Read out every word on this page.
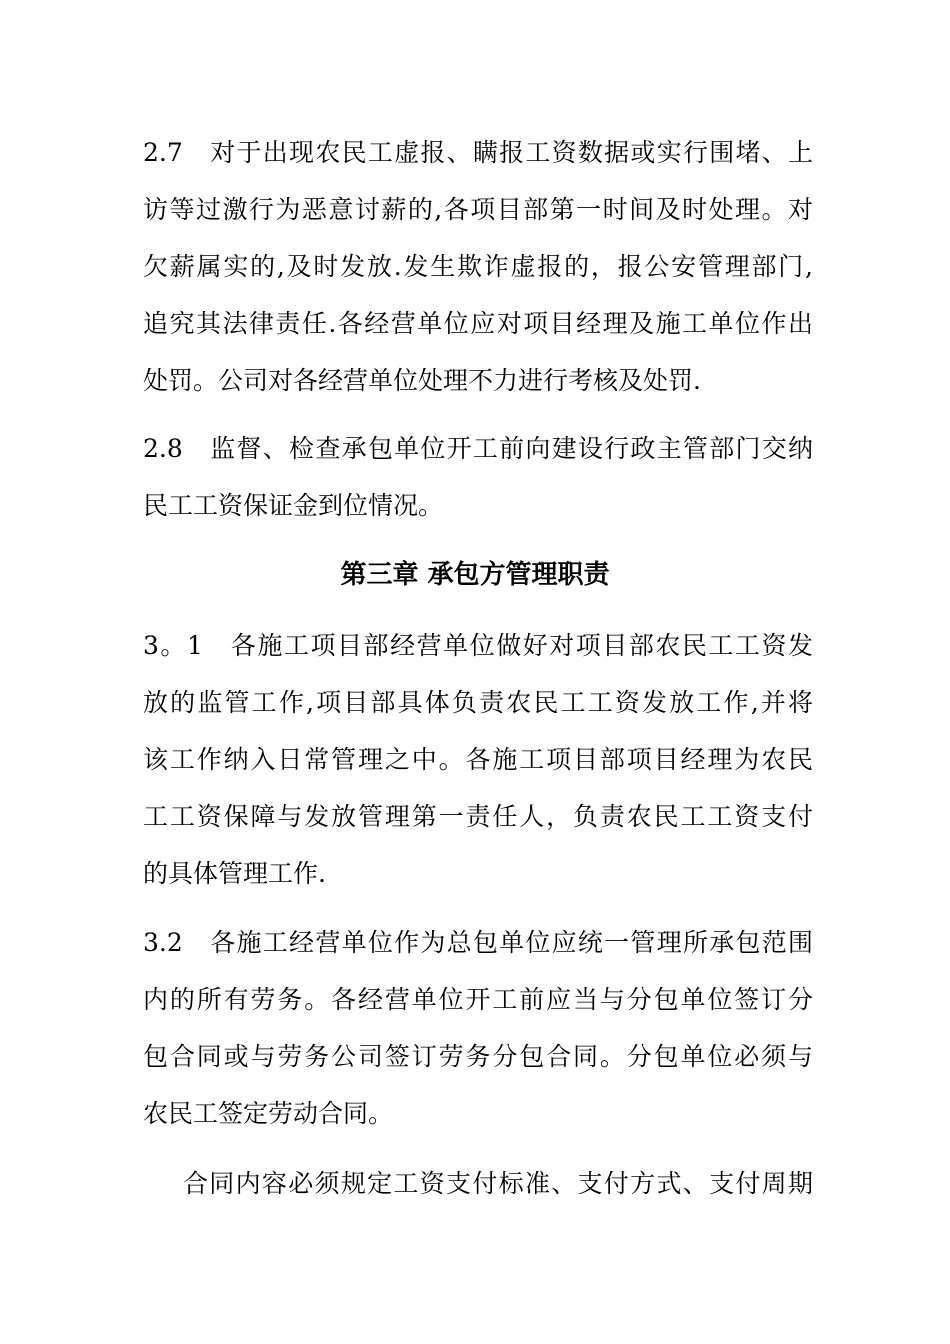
2.7　对于出现农民工虚报、瞒报工资数据或实行围堵、上
访等过激行为恶意讨薪的,各项目部第一时间及时处理。对
欠薪属实的,及时发放.发生欺诈虚报的，报公安管理部门,
追究其法律责任.各经营单位应对项目经理及施工单位作出
处罚。公司对各经营单位处理不力进行考核及处罚.
2.8　监督、检查承包单位开工前向建设行政主管部门交纳
民工工资保证金到位情况。
第三章 承包方管理职责
3。1　各施工项目部经营单位做好对项目部农民工工资发
放的监管工作,项目部具体负责农民工工资发放工作,并将
该工作纳入日常管理之中。各施工项目部项目经理为农民
工工资保障与发放管理第一责任人，负责农民工工资支付
的具体管理工作.
3.2　各施工经营单位作为总包单位应统一管理所承包范围
内的所有劳务。各经营单位开工前应当与分包单位签订分
包合同或与劳务公司签订劳务分包合同。分包单位必须与
农民工签定劳动合同。
合同内容必须规定工资支付标准、支付方式、支付周期
